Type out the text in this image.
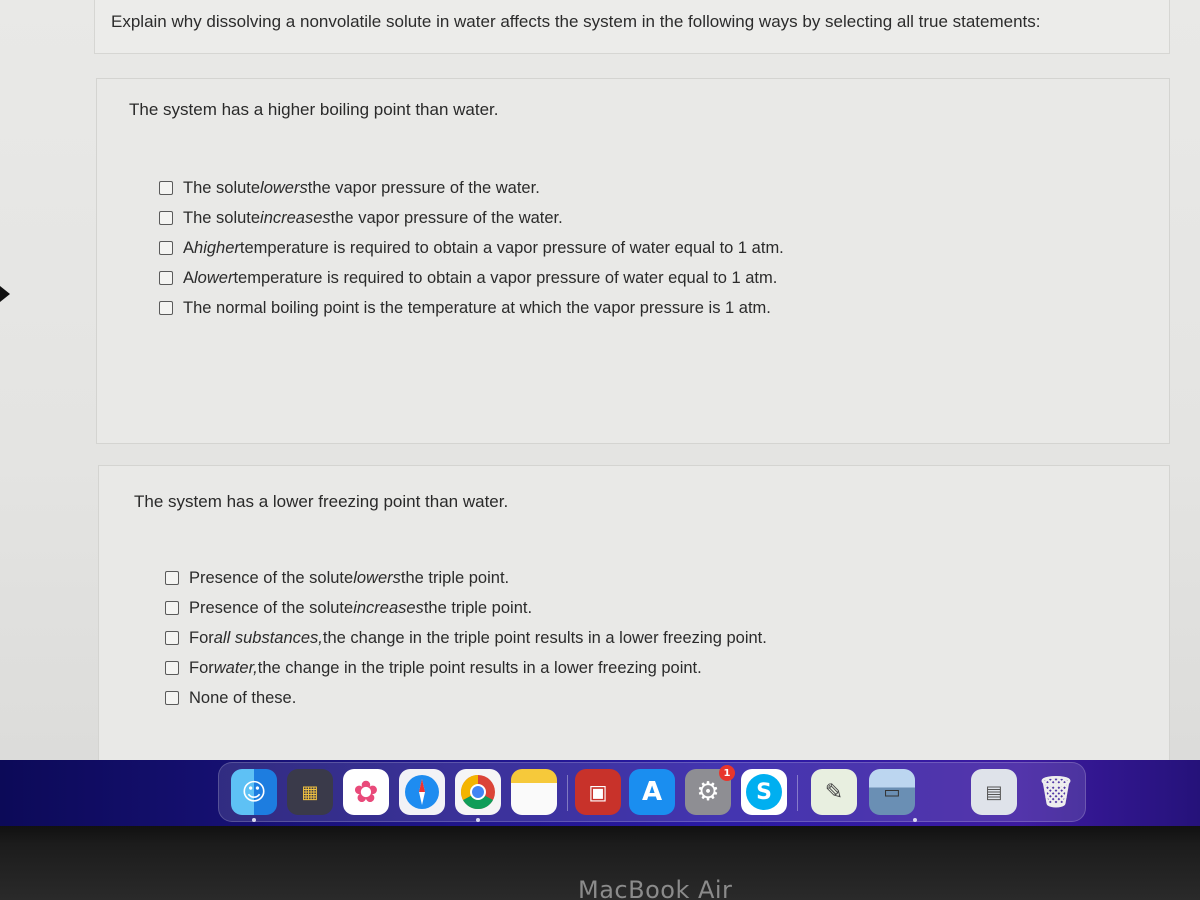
Explain why dissolving a nonvolatile solute in water affects the system in the following ways by selecting all true statements:
The system has a higher boiling point than water.
The solute lowers the vapor pressure of the water.
The solute increases the vapor pressure of the water.
A higher temperature is required to obtain a vapor pressure of water equal to 1 atm.
A lower temperature is required to obtain a vapor pressure of water equal to 1 atm.
The normal boiling point is the temperature at which the vapor pressure is 1 atm.
The system has a lower freezing point than water.
Presence of the solute lowers the triple point.
Presence of the solute increases the triple point.
For all substances, the change in the triple point results in a lower freezing point.
For water, the change in the triple point results in a lower freezing point.
None of these.
☺	▦	✿	▣	A	⚙
1
S	✎	▭	▤	🗑
MacBook Air
